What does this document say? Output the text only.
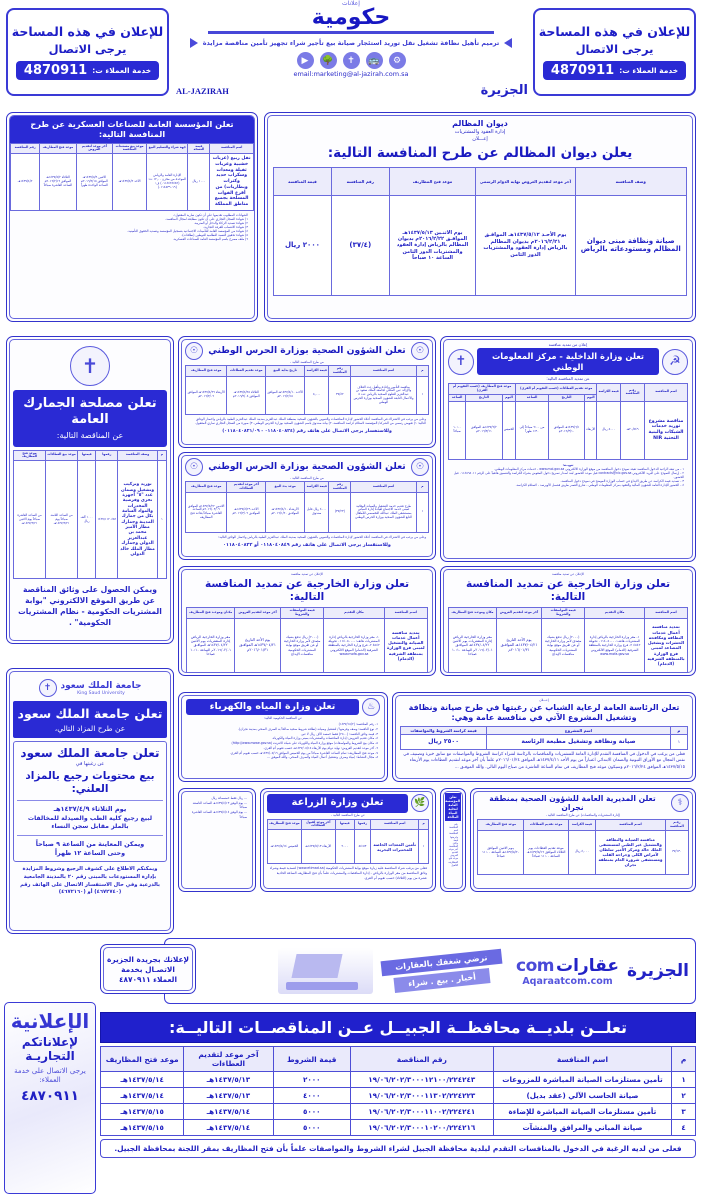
للإعلان في هذه المساحة
يرجى الاتصال
خدمة العملاء ت:
4870911
للإعلان في هذه المساحة
يرجى الاتصال
خدمة العملاء ت:
4870911
إعلانات
حكومية
ترميم تأهيل نظافة تشغيل نقل توريد استئجار صيانة بيع تأجير شراء تجهيز تأمين مناقصة مزايدة
⚙
🚌
✝
🌳
▶
email:marketing@al-jazirah.com.sa
AL-JAZIRAH	الجزيرة
تعلن المؤسسة العامة للصناعات العسكرية عن طرح المنافسة التالية:
اسم المنافسة	قيمة النسخة	جهة شراء والتسليم البيع	موعد بيع مستندات المنافسة	آخر موعد لتقديم العروض	موعد فتح المظاريف	رقم المنافسة
نقل ربيع (عربات خشبية وعربات ثقيلة ومعدات وسكراب حديد وكترات وبطاريات) من أفرع القوات المسلحة بجميع مناطق المملكة	١٠٠٠ ريال	الإدارة العامة والرياض الموحدة من مخزن ١٢,٠٠ ت: (٠١١٤٤٢٤٤٨٢) ف: (٠١١٤٥٣٩٠١٩)	الأحد ١٤٣٧/٤/٢هـ	الاثنين ١٤٣٧/٥/٩هـ الموافق ٢٠١٦/٢/١٥م الساعة الواحدة ظهراً	الثلاثاء ١٤٣٧/٥/٢هـ الموافق ٢٠١٦/٢/١٩م الساعة العاشرة صباحاً	١٤٣٧/٤/٢هـ
الشهادات المطلوب تقديمها على أن تكون سارية المفعول:-
١) شهادة السجل التجاري على أن تكون مطابقة لمجال المنافسة.
٢) شهادة تسديد الزكاة والدخل أو الضريبة.
٣) شهادة الانتساب للغرفة التجارية.
٤) شهادة من المؤسسة العامة للتأمينات الاجتماعية بتسجيل المؤسسة وتسديد الحقوق التأمينية.
٥) شهادة تحقيق النسبة النظامية للتوطين (نطاقات).
٦) ملف مصرح باسم المؤسسة العامة للصناعات العسكرية.
ديوان المظالم
إدارة العقود والمشتريات
إعـــلان
يعلن ديوان المظالم عن طرح المنافسة التالية:
وصف المنافسة	آخر موعد لتقديم العروض نهاية الدوام الرسمي	موعد فتح المظاريف	رقم المنافسة	قيمة المنافسة
صيانة ونظافة مبنى ديوان المظالم ومستودعاته بالرياض	يوم الأحـد ١٤٣٧/٥/١٢هـ الموافـق ٢٠١٦/٢/٢١م بديوان المظالم بالرياض إدارة العقود والمشتريات الدور الثامن	يوم الاثنـين ١٤٣٧/٥/١٣هـ الموافـق ٢٠١٦/٢/٢٢م بديوان المظالم بالرياض إدارة العقود والمشتريات الدور الثامن الساعة ١٠ صباحاً	(٣٧/٤)	٢٠٠٠ ريال
إعلان من تمديد منافسة
☭
تعلن وزارة الداخلية - مركز المعلومات الوطني
✝
عن تمديد المنافسة التالية:
اسم المنافسة	رقـم المنافسة	قيمة الكراسة	موعد تقديم العطاءات (حسب التقويم أم القرى)			موعد فتح المظاريف (حسب التقويم أم القرى)		
			اليوم	التاريخ	الساعة	اليوم	التاريخ	الساعة
مناقصة مشروع توريد خدمات الشبكات والبنية التحتية NIR	٢٠/٥٤٩هـ	٥٠٠٠ ريال	الأربعاء	١٤٣٧/٦/١هـ الموافق ٢٠١٦/٣/١٠م	من ٩:٠٠ صباحاً إلى ١:٣٠ ظهراً	الخميس	١٤٣٧/٦/٢هـ الموافق ٢٠١٦/٣/١١م	١٠:٠٠ صباحاً
تنويــه:
١ - من تبعه الراغبة الدخول المنافسة تعبئة نموذج دخول المنافسة من موقع الوزارة الالكتروني www.moi.gov.sa - خدمات مركز المعلومات الوطني.
٢ - إرسال النموذج على البريد الالكتروني contracts@nic.gov.sa قبل موعد الحضور لبنة اصدار تصريح دخول المفوض بشراء الكراسة والتنسيق هاتفياً على الرقم ٠١١٤٥٦٨٠١١ قبل الحضور.
٣ - تسديد قيمة الكراسة عن طريق الايداع في حساب الوزارة الموضح في نموذج دخول المنافسة.
٤ - الحضور للإدارة العامة للشؤون المالية والعقود بمركز المعلومات الوطني - شارع العصر طريق قشمل الأويرسد - لاستلام الكراسة.
✝
تعلن مصلحة الجمارك العامة
عن المناقصة التالية:
م	وصف المناقصة	رقمها	قيمتها	موعد بيع العطاءات	موعد فتح المظاريف
١	توريد وتركيب وتشغيل وضمان عدد "٥" أجهزة تحري وفرصية المخدرات والمواد السامة بكل من جمارك المدينة وجمارك مطار الأمير محمد بن عبدالعزيز الدولي وجمارك مطار الملك خالد الدولي	١٤٣٧/١١٢٠٤٨٢	١٠٠٠ ألف ريال	من الساعة الثامنة صباحاً يوم ١٤٣٧/٣/٢١هـ	من الساعة العاشرة صباحاً يوم الاثنين ١٤٣٧/٣/٢١هـ
ويمكن الحصول على وثائق المناقصة عن طريق الموقع الالكتروني "بوابة المشتريات الحكومية - نظام المشتريات الحكومية" .
☉
تعلن الشؤون الصحية بوزارة الحرس الوطني
☉
من طرح المنافسة التالية ،
م	اسم المنافسة	رقم المنافسة	قيمة الكراسة	تاريخ بداية البيع	موعد تقديم العطاءات	موعد فتح المظاريف
١	منافسة التأمين وإعادة وتأهيل عدد الغلاف والإزالة عين الملكي لجامعة الملك سعود بن عبدالعزيز للعلوم الصحية بالرياض عدد ٥ والأعمال التابعة للشؤون الصحية بوزارة الحرس الوطني	٣٧/٤٢	٥,٠٠٠	الأحـد ١٤٣٧/٤/١٠هـ الموافق ٢٠١٦/٢/١٥م	الثلاثاء ١٤٣٧/٤/٢٥هـ الموافق ٢٠١٦/٢/٠٤م	الأربعاء ١٤٣٧/٤/٢٩هـ الموافق ٢٠١٦/٣/٠٩م
وعلى من يرغب في الاشتراك في المنافسة أعلاه الحضور لإدارة المناقصات والتموين بالشؤون الصحية بمنطقة الملك عبدالعزيز بمدينة الملك عبدالعزيز الطبية بالرياض واحضار الوثائق التالية: ١) تفويض رسمي من الشركة/ المؤسسة لاستلام كراسة المنافسة. ٢) بيانة صندوق باسم الشؤون الصحية بوزارة الحرس الوطني. ٣) صورة من السجل التجاري ساري المفعول.
وللاستفسار يرجى الاتصال على هاتف رقم (٠١١٨٠٤٠٨٢٤ - ٠١١٨٠٤٠٨٢١/٠٩)
☉
تعلن الشؤون الصحية بوزارة الحرس الوطني
☉
من طرح المنافسة التالية ،
م	اسم المنافسة	رقم المنافسة	قيمة الكراسة	موعد بدء البيع	آخر موعد لتقديم العطاءات	موعد فتح المظاريف
١	طرح تقديم خدمة التشغيل والصيانة الوقائية لمبنى خدمة الاجتماع لعيادة إدارة المباني بمستشفى الملك عبدالله التخصصي للأطفال التابع للشؤون الصحية بوزارة الحرس الوطني	(٣٧/٢٣)	٤٠٠٠ ريال قابل صندوق	الأربعـاء ١٤٣٧/٤/١٠هـ الموافـق ٢٠١٦/١/٢٠م	الأحـد ١٤٣٧/٤/٢٩هـ الموافـق ٢٠١٦/٣/٠٩م	الاثنـين ١٤٣٧/٤/٢٢م الموافق ٢٠١٦/٠٣/٠٩م الساعة العاشرة صباحاً بقاعة فتح المظاريف
وعلى من يرغب في الاشتراك في المنافسة أعلاه الحضور لإدارة المناقصات والتموين بالشؤون الصحية بمدينة الملك عبدالعزيز الطبية بالرياض واحضار الوثائق التالية:
وللاستفسار يرجى الاتصال على هاتف رقم ٠١١٨٠٤٠٨٤٩ أو ٠١١٨٠٤٠٨٢٢
الإعلان عن تمديد منافسة
تعلن وزارة الخارجية عن تمديد المنافسة التالية:
اسـم المنافسة	مكان التقديم	قيمة المواصفات والشروط	آخر موعد لتقديم العروض	مكـان وموعـد فتح المظاريف
تمديد منافسة أعمال خدمات الصيانة والتشغيل لمبنى فرع الوزارة بمنطقة الشرقية (الدمام)	١- مقر وزارة الخارجية بالرياض إدارة المشتريات هاتف:٠١١٤٠٥٠٠٠٠ تحويلة ٤٥٤٢ ٢- فرع وزارة الخارجية بالمنطقة الشرقية (الدمام) الموقع الالكتروني www.mofa.gov.sa	(٢٠٠٠) ريال تدفع بشيك مصدق لأمر وزارة الخارجية أو عن طريق موقع بوابة المشتريات الحكومية منافسات الإيداع	يوم الأحد التاريخ ١٤٣٧/٠٤/٢١هـ الموافـق ٢٠١٦/٠١/٣١م	مقر وزارة الخارجية الرياض إدارة المشتريات يوم الاثنين ١٤٣٧/٠٤/٢٢هـ الموافـق ٢٠١٦/٠٢/٠١م الساعة ١٠:١٠ صباحاً
الإعلان عن تمديد منافسة
تعلن وزارة الخارجية عن تمديد المنافسة التالية:
اسم المنافسة	مكان التقديم	قيمة المواصفات والشروط	آخر موعد لتقديم العروض	مكان وموعـد فتح المظاريف
تمديد منافسة أعمال خدمات النظافة ومكافحة الحشرات وتشغيل المصاعد لمبنى فرع الوزارة بالمنطقة الشرقية (الدمام)	١- مقر وزارة الخارجية بالرياض إدارة المشتريات هاتف:٠١١٤٠٥٠٠٠٠ تحويلة ٤٥٤٢ ٢- فرع وزارة الخارجية بالمنطقة الشرقية (الدمام) الموقع الالكتروني www.mofa.gov.sa	(٢٠٠٠) ريال تدفع بشيك مصدق لأمر وزارة الخارجية أو عن طريق موقع بوابة المشتريات الحكومية منافسات الإيداع	يوم الأحد التاريخ ١٤٣٧/٠٤/٢١هـ الموافـق ٢٠١٦/٠١/٣١م	مقر وزارة الخارجية الرياض إدارة المشتريات يوم الاثنين ١٤٣٧/٠٤/٢٢هـ الموافـق ٢٠١٦/٠٢/٠١م الساعة ١٠:١٠ صباحاً
جامعة الملك سعود
King Saud University
✝
تعلن جامعة الملك سعود
عن طرح المزاد التالي،
تعلن جامعة الملك سعود
عن رغبتها في
بيع محتويات رجيع بالمزاد العلني:
يوم الثلاثاء ١٤٣٧/٤/٩هـ
لبيع رجيع كلية الطب والصيدلة للمخالفات
بالملز مقابل سجن النساء
ويمكن المعاينة من الساعة ٩ صباحاً
وحتى الساعة ١٢ ظهراً
ويمكنكم الاطلاع على كشوف الرجيع وشروط المزايدة بإدارة المستودعات بالمبنى رقم ٢٠ بالمدينة الجامعية بالدرعية وفي حال الاستفسار الاتصال على الهاتف رقم (٤٦٧٢٧٤٠) أو (٤٦٧٢١٦٠)
♨
تعلن وزارة المياه والكهرباء
عن المنافسة الحكومية التالية:
١- رقم المنافسة: (١٤٣٧/١٥/٢)
٢- نوع النافسة: وصف وفرضها / لتشغيل وصيانة (نظافة شروط صحية صالحاً به الصرف الصحي بمدينة نجران).
٣- قيمة وثائق النافسة: (٢٥٠٠) فقط خمسة الآف ريال لا غير.
٤- مكان تقديم العروض: إدارة المنافسات والمشتريات بمبنى وزارة المياه والكهرباء.
٥- مكان بيع الشروط والمواصفات/ موقع وزارة المياه والكهرباء على شبكة الانترنت (http://www.mowe.gov.sa)
٦- آخر موعد لتقديم العروض: نهاية دوام يوم الأربعاء ١٤٣٧/٠٥/١٥هـ حسب تقويم أم القرى.
٧- موعد فتح المظاريف: تمام الساعة العاشرة صباحاً من يوم الخميس الموافق ١٤٣٧/٠٥/١٦هـ حسب تقويم أم القرى.
٨- مجال النشاط: /مياه وصرف وتشغيل أعمال المياه والصرف الصحي. والله الموفق ...
إعـــلان
تعلن الرئاسة العامة لرعاية الشباب عن رغبتها في طرح صيانة ونظافة وتشغيل المشروع الآتي في منافسة عامة وهي:
م	اسم المشروع	قيمة كراسة الشروط والمواصفات
١	صيانة ونظافة وتشغيل مطبعة الرئاسة	٢٥٠٠ ريال
فعلى من يرغب في الدخول في المنافسة التقدم للإدارة العامة للمشتريات والمناقصات بالرئاسة لشراء كراسة الشروط والمواصفات مع سابق خبرة وتصنيف في نفس المجال مع الأوراق الثبوتية والضمان الابتدائي اعتباراً من يوم الأحد ١٤٣٧/٤/١١هـ الموافق ٢٠١٦/٠١/٢٤م علماً بأن آخر موعد لتقديم العطاءات يوم الأربعاء ١٤٣٧/٥/١٥هـ الموافق ٢٠١٦/٢/٢٤م وسيكون موعد فتح المظاريف في تمام الساعة العاشرة من صباح اليوم التالي. والله الموفـق ...
... ريال فقط خمسمائة ريال
... يوم الوفق ١٤٣٧/٤/١٣هـ الساعة التاسعة صباحاً
... يوم الوفق ١٤٣٧/٤/١٤هـ الساعة العاشرة صباحاً
🌿
تعلن وزارة الزراعة
عن طرح المنافسة التالية ،
م	اسم المنافسة	رقمها	قيمتها	آخر موعد لقبول العطاءات	موعد فتح المظاريف
١	تأمين المعدات الخاصة للمختبرات البحرية	٥٤:٥٣	٢٠٠٠	الأربعاء ١٤٣٧/٥/١٣هـ	الخميس ١٤٣٧/٥/١٤هـ
فعلى من يرغب شراء المنافسة عليه زيارة موقع بوابة المشتريات الحكومية (www.etimad.sa) لتسديد قيمة وشراء وثائق المنافسة من مقر الوزارة بالرياض - إدارة المناقصات والمشتريات علماً بأن فتح المظاريف الساعة الحادية عشرة من يوم (الثلاثاء) حسب تقويم أم القرى.
⚕
تعلن المديرية العامة للشؤون الصحية بمنطقة نجران
(إدارة المشتريات والمناقصات) عن طرح المنافسة التالية ،
رقـم المنافسة	اسـم المنافسة	قيمة الكراسة	موعد تقديم العطاءات	موعد فتح المظاريف
٣٧/١٣٠	منافسة الصيانة والنظافة والتشغيل غير الطبي لمستشفى الملك خالد ومركز الأمير سلطان لأمراض الكلى وجراحة القلب ومستشفى شرورة العام بمنطقة نجران	٤,٠٠٠ ريال	موعد تقديم العطاءات يوم الثلاثاء الموافق ١٤٣٧/٥/١٩هـ الساعة ١١:٠٠ صباحاً	يـوم الاثنين الموافق ١٤٣٧/٥/٢٠هـ الساعة ١١:٠٠ صباحاً
تعلن المؤسسة العامة لتحلية المياه المالحة
رقم المنافسة
اسم المنافسة وغرضها
قيمة وثائق المنافسة
آخر موعد لتقديم العروض
موعد فتح المظاريف
التأهيل
الجزيرة
عقارات
com
Aqaraatcom.com
نرضي شغفك بالعقارات
أخبار . بيع . شراء
لإعلانك بجريدة الجزيرة
الاتصـال بخدمة
العملاء ٤٨٧٠٩١١
الإعلانية
لإعلاناتكم التجاريـة
يرجى الاتصال على خدمة العملاء:
٤٨٧٠٩١١
تعلــن بلديــة محافظــة الجبيــل عــن المناقصــات التاليــة:
م	اسم المنافسة	رقم المناقصة	قيمة الشروط	آخر موعد لتقديم العطاءات	موعد فتح المظاريف
١	تأمين مستلزمات الصيانة المباشرة للمزروعات	١٩/٠٦/٢٠٢/٣٠٠٠١٢١٠٠/٢٢٤٢٤٣	٢٠٠٠	١٤٣٧/٥/١٣هـ	١٤٣٧/٥/١٤هـ
٢	صيانة الحاسب الآلي (عقد بديل)	١٩/٠٦/٢٠٢/٣٠٠٠١١٣٠٢/٢٢٤٢٢٣	٤٠٠٠	١٤٣٧/٥/١٣هـ	١٤٣٧/٥/١٤هـ
٣	تأمين مستلزمات الصيانة المباشرة للإضاءة	١٩/٠٦/٢٠٢/٣٠٠٠١١٠٠٢/٢٢٤٢٤١	٥٠٠٠	١٤٣٧/٥/١٤هـ	١٤٣٧/٥/١٥هـ
٤	صيانة المباني والمرافق والمنشآت	١٩/٠٦/٢٠٢/٣٠٠٠١٠٢٠٠/٢٢٤٢١٦	٥٠٠٠	١٤٣٧/٥/١٤هـ	١٤٣٧/٥/١٥هـ
فعلى من لديه الرغبة في الدخول بالمنافسات التقدم لبلدية محافظة الجبيل لشراء الشروط والمواصفات علماً بأن فتح المظاريف بمقر اللجنة بمحافظة الجبيل.
